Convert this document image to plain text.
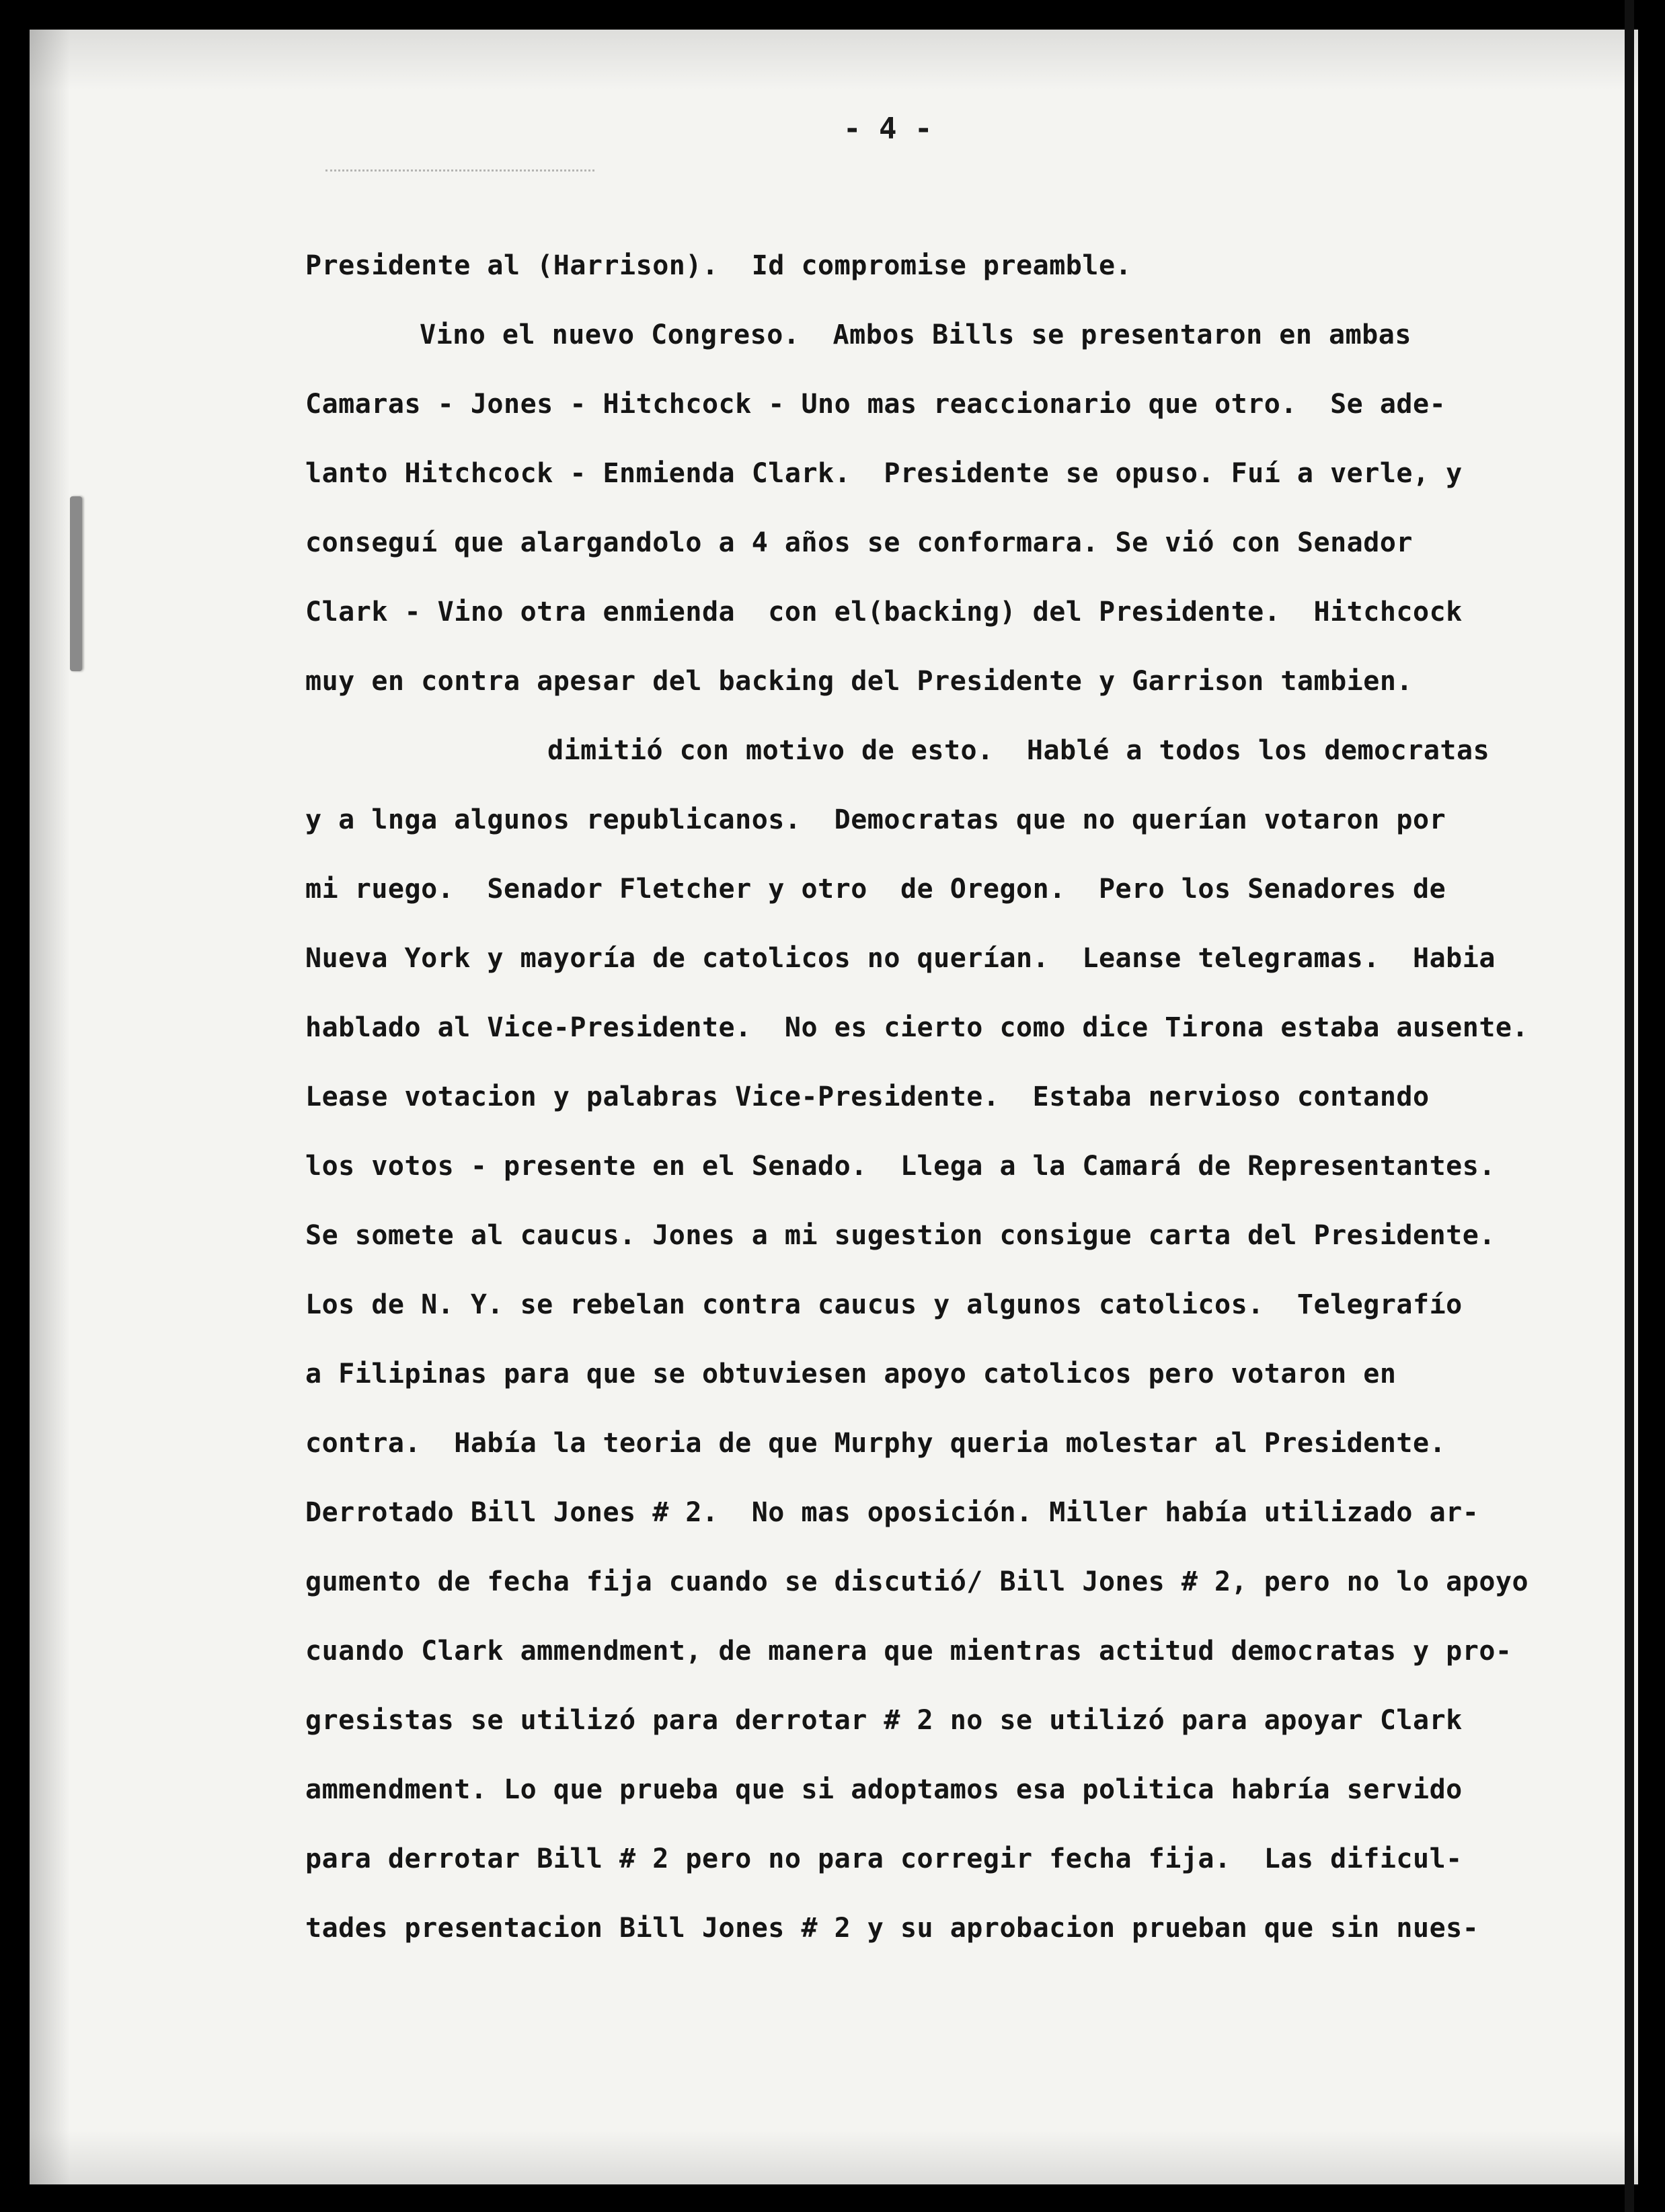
- 4 -
Presidente al (Harrison).  Id compromise preamble.
Vino el nuevo Congreso.  Ambos Bills se presentaron en ambas
Camaras - Jones - Hitchcock - Uno mas reaccionario que otro.  Se ade-
lanto Hitchcock - Enmienda Clark.  Presidente se opuso. Fuí a verle, y
conseguí que alargandolo a 4 años se conformara. Se vió con Senador
Clark - Vino otra enmienda  con el(backing) del Presidente.  Hitchcock
muy en contra apesar del backing del Presidente y Garrison tambien.
dimitió con motivo de esto.  Hablé a todos los democratas
y a lnga algunos republicanos.  Democratas que no querían votaron por
mi ruego.  Senador Fletcher y otro  de Oregon.  Pero los Senadores de
Nueva York y mayoría de catolicos no querían.  Leanse telegramas.  Habia
hablado al Vice-Presidente.  No es cierto como dice Tirona estaba ausente.
Lease votacion y palabras Vice-Presidente.  Estaba nervioso contando
los votos - presente en el Senado.  Llega a la Camará de Representantes.
Se somete al caucus. Jones a mi sugestion consigue carta del Presidente.
Los de N. Y. se rebelan contra caucus y algunos catolicos.  Telegrafío
a Filipinas para que se obtuviesen apoyo catolicos pero votaron en
contra.  Había la teoria de que Murphy queria molestar al Presidente.
Derrotado Bill Jones # 2.  No mas oposición. Miller había utilizado ar-
gumento de fecha fija cuando se discutió/ Bill Jones # 2, pero no lo apoyo
cuando Clark ammendment, de manera que mientras actitud democratas y pro-
gresistas se utilizó para derrotar # 2 no se utilizó para apoyar Clark
ammendment. Lo que prueba que si adoptamos esa politica habría servido
para derrotar Bill # 2 pero no para corregir fecha fija.  Las dificul-
tades presentacion Bill Jones # 2 y su aprobacion prueban que sin nues-
